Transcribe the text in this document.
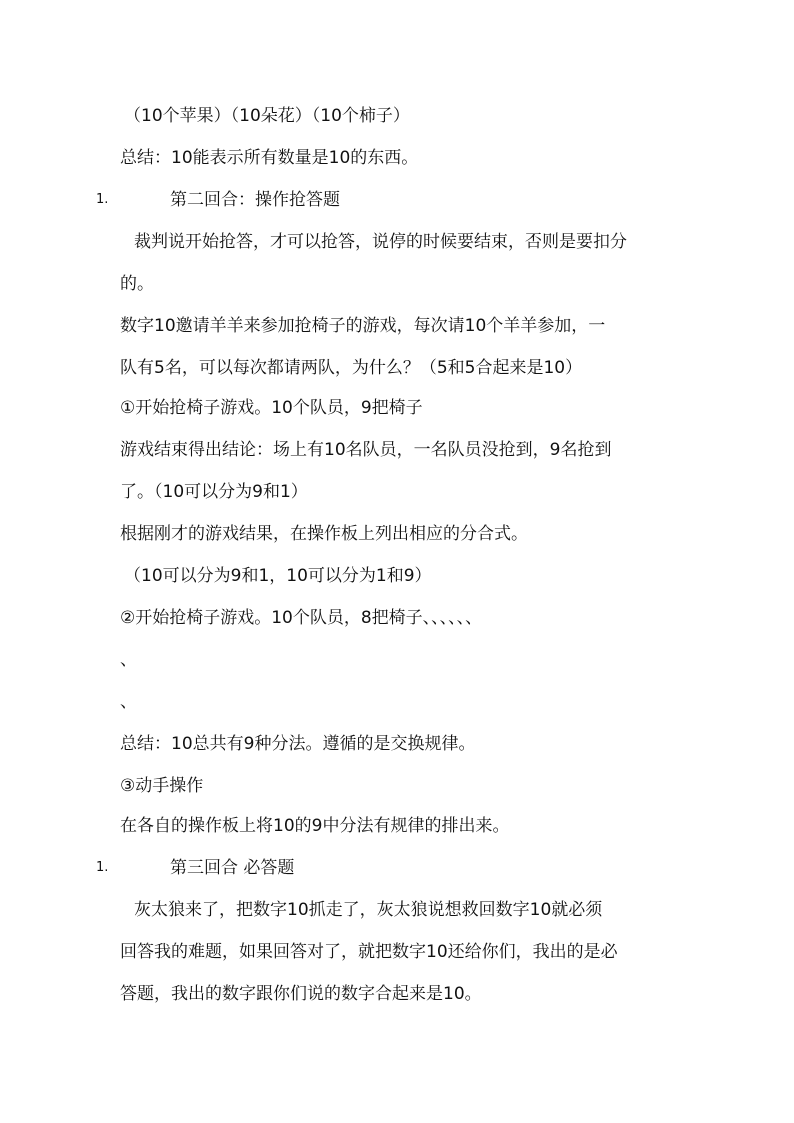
（10个苹果）（10朵花）（10个柿子）
总结：10能表示所有数量是10的东西。
1.	第二回合：操作抢答题
裁判说开始抢答，才可以抢答，说停的时候要结束，否则是要扣分
的。
数字10邀请羊羊来参加抢椅子的游戏，每次请10个羊羊参加，一
队有5名，可以每次都请两队，为什么？（5和5合起来是10）
①开始抢椅子游戏。10个队员，9把椅子
游戏结束得出结论：场上有10名队员，一名队员没抢到，9名抢到
了。（10可以分为9和1）
根据刚才的游戏结果，在操作板上列出相应的分合式。
（10可以分为9和1，10可以分为1和9）
②开始抢椅子游戏。10个队员，8把椅子、、、、、、
、
、
总结：10总共有9种分法。遵循的是交换规律。
③动手操作
在各自的操作板上将10的9中分法有规律的排出来。
1.	第三回合 必答题
灰太狼来了，把数字10抓走了，灰太狼说想救回数字10就必须
回答我的难题，如果回答对了，就把数字10还给你们，我出的是必
答题，我出的数字跟你们说的数字合起来是10。
